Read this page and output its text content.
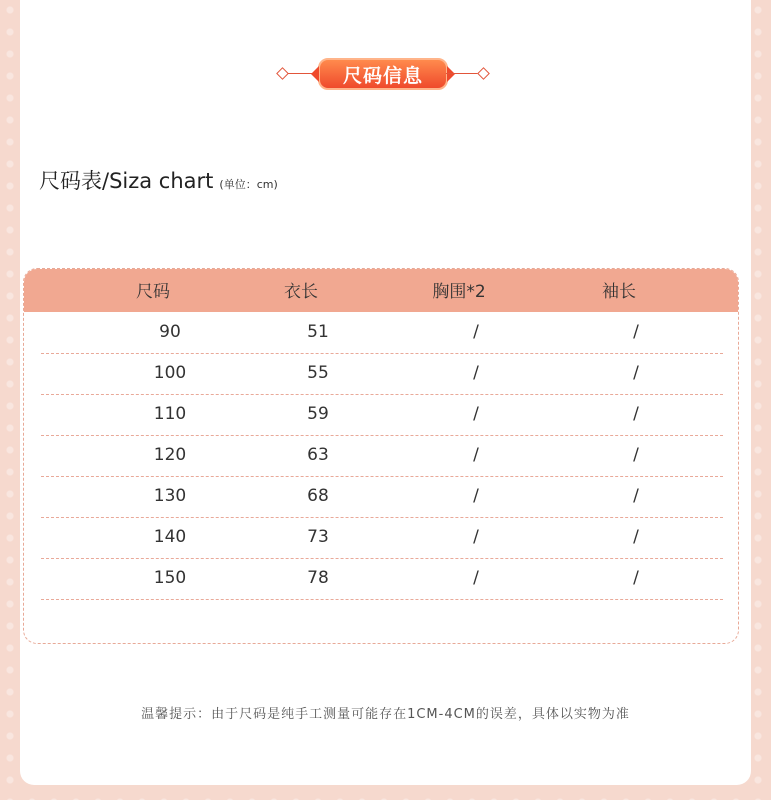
尺码信息
尺码表/Siza chart (单位：cm)
尺码	衣长	胸围*2	袖长
90	51	/	/
100	55	/	/
110	59	/	/
120	63	/	/
130	68	/	/
140	73	/	/
150	78	/	/
温馨提示：由于尺码是纯手工测量可能存在1CM-4CM的误差，具体以实物为准
